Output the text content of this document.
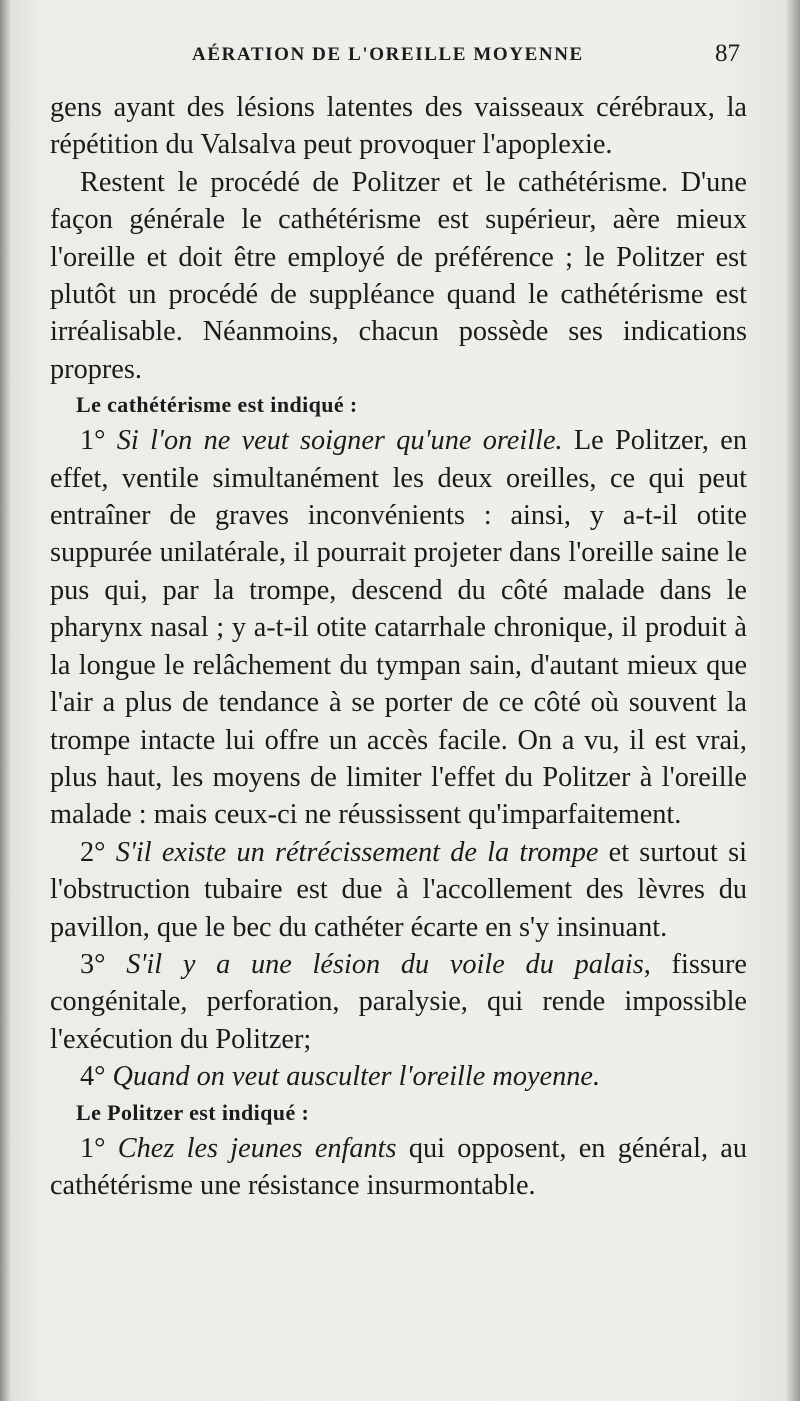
AÉRATION DE L'OREILLE MOYENNE	87

gens ayant des lésions latentes des vaisseaux cérébraux, la répétition du Valsalva peut provoquer l'apoplexie.

Restent le procédé de Politzer et le cathétérisme. D'une façon générale le cathétérisme est supérieur, aère mieux l'oreille et doit être employé de préférence ; le Politzer est plutôt un procédé de suppléance quand le cathétérisme est irréalisable. Néanmoins, chacun possède ses indications propres.

Le cathétérisme est indiqué :

1° Si l'on ne veut soigner qu'une oreille. Le Politzer, en effet, ventile simultanément les deux oreilles, ce qui peut entraîner de graves inconvénients : ainsi, y a-t-il otite suppurée unilatérale, il pourrait projeter dans l'oreille saine le pus qui, par la trompe, descend du côté malade dans le pharynx nasal ; y a-t-il otite catarrhale chronique, il produit à la longue le relâchement du tympan sain, d'autant mieux que l'air a plus de tendance à se porter de ce côté où souvent la trompe intacte lui offre un accès facile. On a vu, il est vrai, plus haut, les moyens de limiter l'effet du Politzer à l'oreille malade : mais ceux-ci ne réussissent qu'imparfaitement.

2° S'il existe un rétrécissement de la trompe et surtout si l'obstruction tubaire est due à l'accollement des lèvres du pavillon, que le bec du cathéter écarte en s'y insinuant.

3° S'il y a une lésion du voile du palais, fissure congénitale, perforation, paralysie, qui rende impossible l'exécution du Politzer;

4° Quand on veut ausculter l'oreille moyenne.

Le Politzer est indiqué :

1° Chez les jeunes enfants qui opposent, en général, au cathétérisme une résistance insurmontable.
